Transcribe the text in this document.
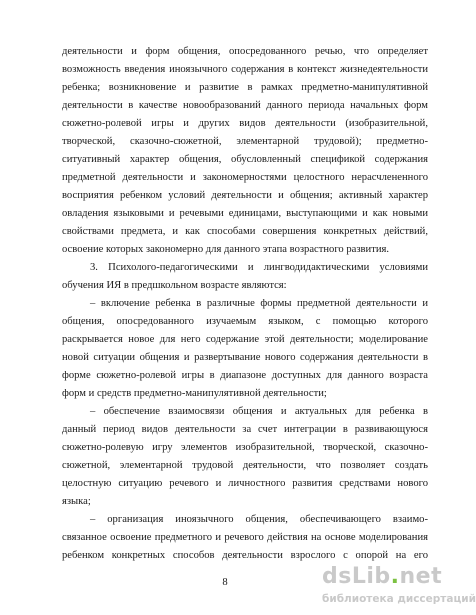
деятельности и форм общения, опосредованного речью, что определяет
возможность введения иноязычного содержания в контекст жизнедеятельности
ребенка; возникновение и развитие в рамках предметно-манипулятивной
деятельности в качестве новообразований данного периода начальных форм
сюжетно-ролевой игры и других видов деятельности (изобразительной,
творческой, сказочно-сюжетной, элементарной трудовой); предметно-
ситуативный характер общения, обусловленный спецификой содержания
предметной деятельности и закономерностями целостного нерасчлененного
восприятия ребенком условий деятельности и общения; активный характер
овладения языковыми и речевыми единицами, выступающими и как новыми
свойствами предмета, и как способами совершения конкретных действий,
освоение которых закономерно для данного этапа возрастного развития.
3. Психолого-педагогическими и лингводидактическими условиями
обучения ИЯ в предшкольном возрасте являются:
– включение ребенка в различные формы предметной деятельности и
общения, опосредованного изучаемым языком, с помощью которого
раскрывается новое для него содержание этой деятельности; моделирование
новой ситуации общения и развертывание нового содержания деятельности в
форме сюжетно-ролевой игры в диапазоне доступных для данного возраста
форм и средств предметно-манипулятивной деятельности;
– обеспечение взаимосвязи общения и актуальных для ребенка в
данный период видов деятельности за счет интеграции в развивающуюся
сюжетно-ролевую игру элементов изобразительной, творческой, сказочно-
сюжетной, элементарной трудовой деятельности, что позволяет создать
целостную ситуацию речевого и личностного развития средствами нового
языка;
– организация иноязычного общения, обеспечивающего взаимо-
связанное освоение предметного и речевого действия на основе моделирования
ребенком конкретных способов деятельности взрослого с опорой на его
8	dsLib.net
библиотека диссертаций
